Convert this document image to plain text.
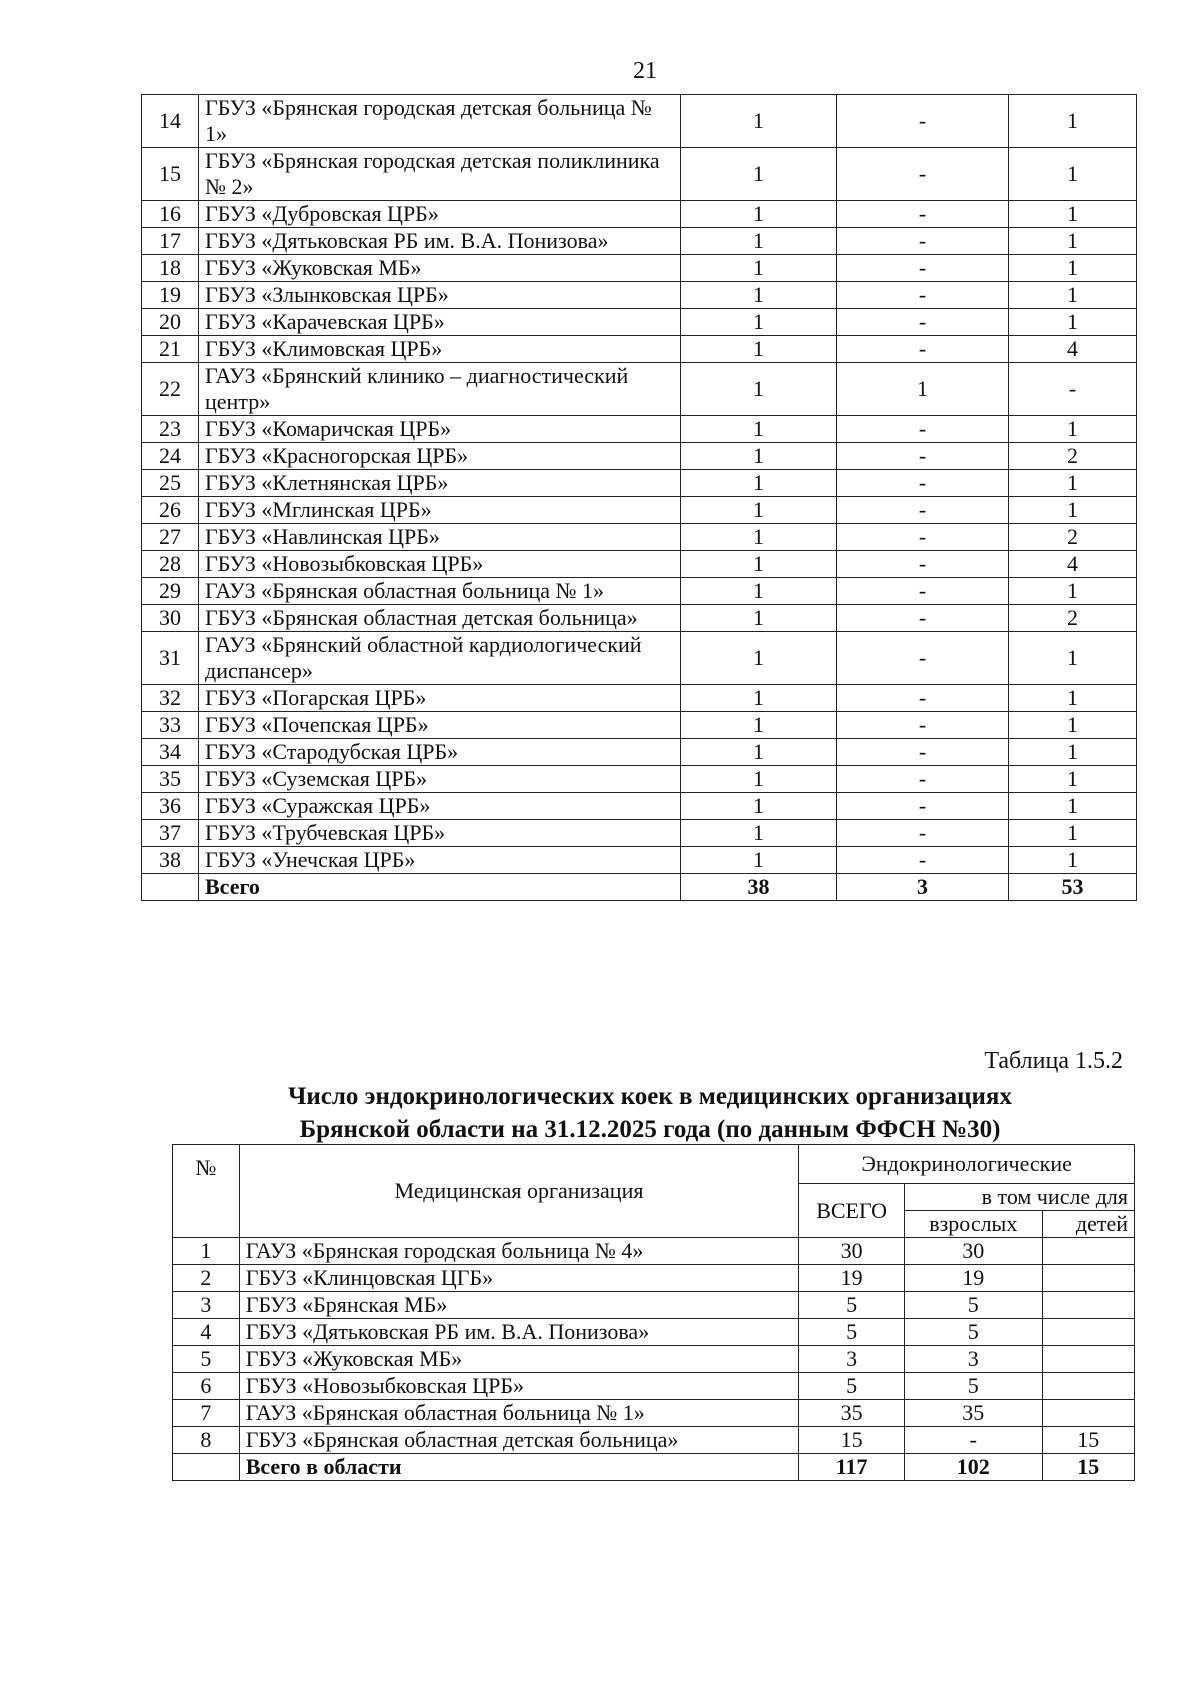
21
14	ГБУЗ «Брянская городская детская больница № 1»	1	-	1
15	ГБУЗ «Брянская городская детская поликлиника № 2»	1	-	1
16	ГБУЗ «Дубровская ЦРБ»	1	-	1
17	ГБУЗ «Дятьковская РБ им. В.А. Понизова»	1	-	1
18	ГБУЗ «Жуковская МБ»	1	-	1
19	ГБУЗ «Злынковская ЦРБ»	1	-	1
20	ГБУЗ «Карачевская ЦРБ»	1	-	1
21	ГБУЗ «Климовская ЦРБ»	1	-	4
22	ГАУЗ «Брянский клинико – диагностический центр»	1	1	-
23	ГБУЗ «Комаричская ЦРБ»	1	-	1
24	ГБУЗ «Красногорская ЦРБ»	1	-	2
25	ГБУЗ «Клетнянская ЦРБ»	1	-	1
26	ГБУЗ «Мглинская ЦРБ»	1	-	1
27	ГБУЗ «Навлинская ЦРБ»	1	-	2
28	ГБУЗ «Новозыбковская ЦРБ»	1	-	4
29	ГАУЗ «Брянская областная больница № 1»	1	-	1
30	ГБУЗ «Брянская областная детская больница»	1	-	2
31	ГАУЗ «Брянский областной кардиологический диспансер»	1	-	1
32	ГБУЗ «Погарская ЦРБ»	1	-	1
33	ГБУЗ «Почепская ЦРБ»	1	-	1
34	ГБУЗ «Стародубская ЦРБ»	1	-	1
35	ГБУЗ «Суземская ЦРБ»	1	-	1
36	ГБУЗ «Суражская ЦРБ»	1	-	1
37	ГБУЗ «Трубчевская ЦРБ»	1	-	1
38	ГБУЗ «Унечская ЦРБ»	1	-	1
	Всего	38	3	53
Таблица 1.5.2
Число эндокринологических коек в медицинских организациях
Брянской области на 31.12.2025 года (по данным ФФСН №30)
№	Медицинская организация	Эндокринологические		
		ВСЕГО	в том числе для	
			взрослых	детей
1	ГАУЗ «Брянская городская больница № 4»	30	30	
2	ГБУЗ «Клинцовская ЦГБ»	19	19	
3	ГБУЗ «Брянская МБ»	5	5	
4	ГБУЗ «Дятьковская РБ им. В.А. Понизова»	5	5	
5	ГБУЗ «Жуковская МБ»	3	3	
6	ГБУЗ «Новозыбковская ЦРБ»	5	5	
7	ГАУЗ «Брянская областная больница № 1»	35	35	
8	ГБУЗ «Брянская областная детская больница»	15	-	15
	Всего в области	117	102	15
